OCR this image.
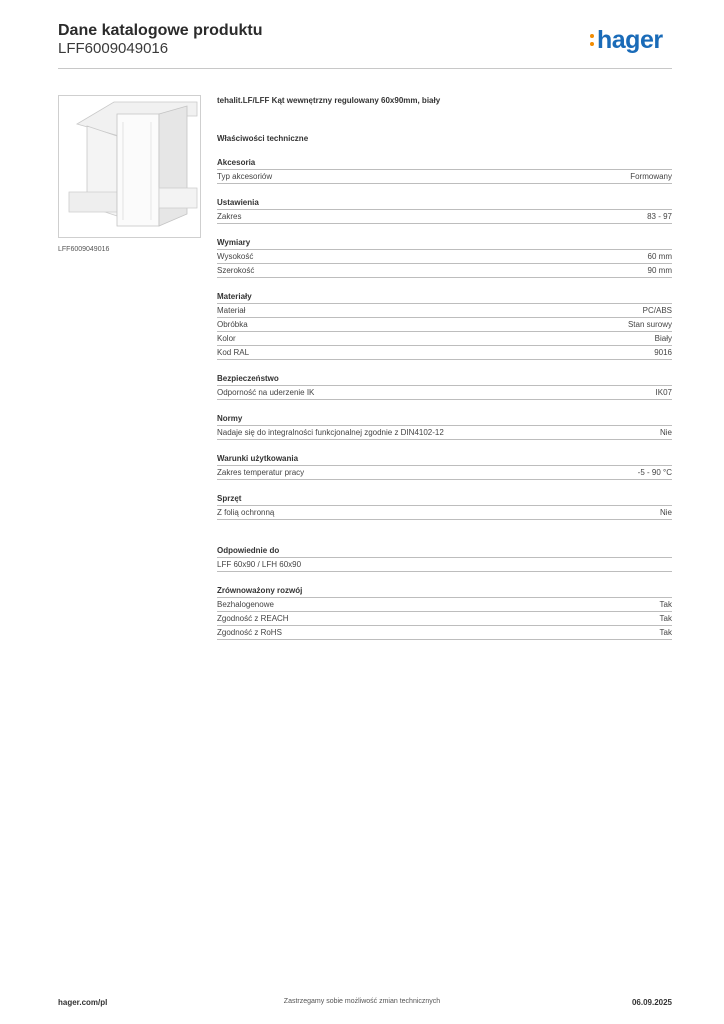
Dane katalogowe produktu
LFF6009049016	hager
LFF6009049016
tehalit.LF/LFF Kąt wewnętrzny regulowany 60x90mm, biały
Właściwości techniczne
Akcesoria
Typ akcesoriów	Formowany
Ustawienia
Zakres	83 - 97
Wymiary
Wysokość	60 mm
Szerokość	90 mm
Materiały
Materiał	PC/ABS
Obróbka	Stan surowy
Kolor	Biały
Kod RAL	9016
Bezpieczeństwo
Odporność na uderzenie IK	IK07
Normy
Nadaje się do integralności funkcjonalnej zgodnie z DIN4102-12	Nie
Warunki użytkowania
Zakres temperatur pracy	-5 - 90 °C
Sprzęt
Z folią ochronną	Nie
Odpowiednie do
LFF 60x90 / LFH 60x90
Zrównoważony rozwój
Bezhalogenowe	Tak
Zgodność z REACH	Tak
Zgodność z RoHS	Tak
hager.com/pl	Zastrzegamy sobie możliwość zmian technicznych	06.09.2025
